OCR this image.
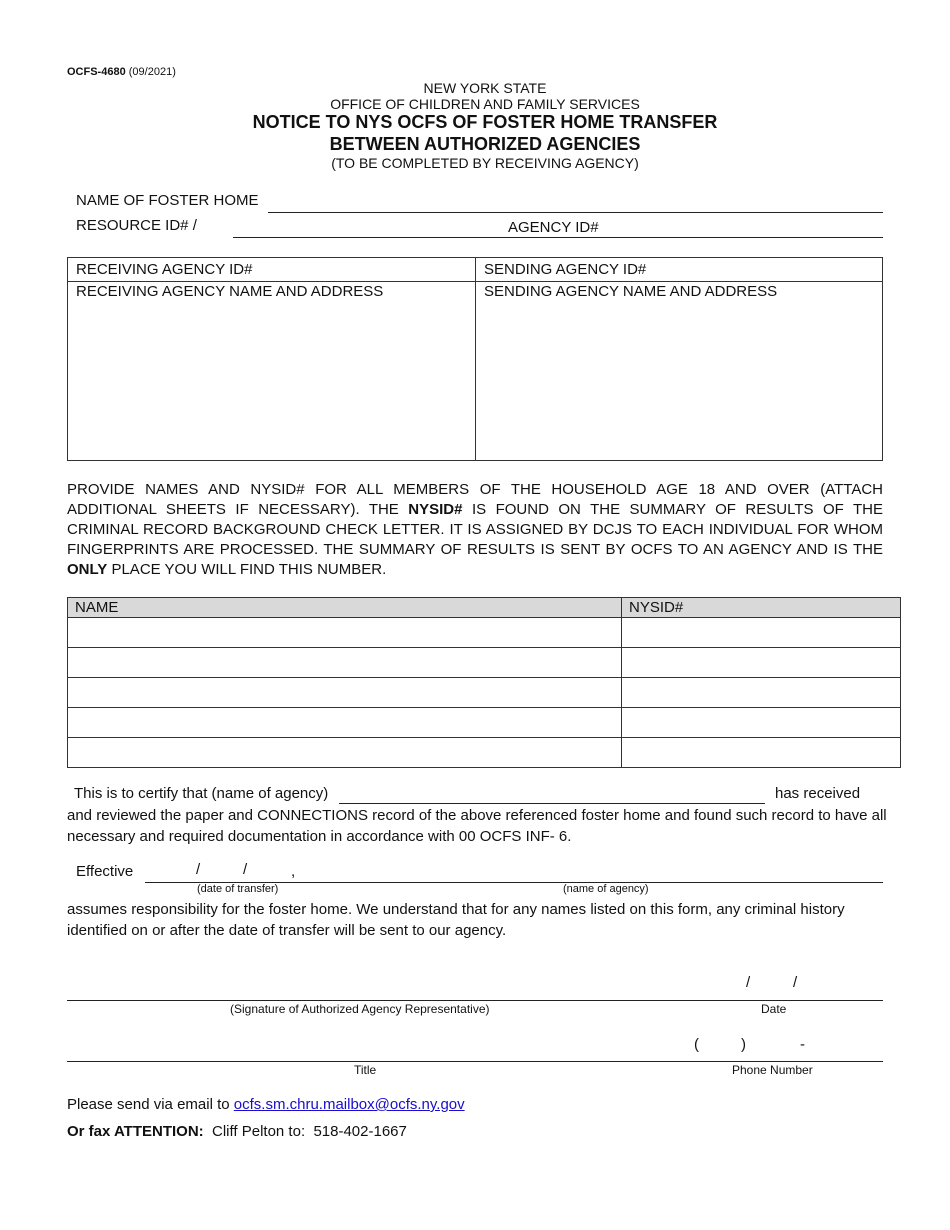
OCFS-4680 (09/2021)
NEW YORK STATE
OFFICE OF CHILDREN AND FAMILY SERVICES
NOTICE TO NYS OCFS OF FOSTER HOME TRANSFER
BETWEEN AUTHORIZED AGENCIES
(TO BE COMPLETED BY RECEIVING AGENCY)
NAME OF FOSTER HOME
RESOURCE ID# /	AGENCY ID#
RECEIVING AGENCY ID#	SENDING AGENCY ID#
RECEIVING AGENCY NAME AND ADDRESS	SENDING AGENCY NAME AND ADDRESS
PROVIDE NAMES AND NYSID# FOR ALL MEMBERS OF THE HOUSEHOLD AGE 18 AND OVER (ATTACH ADDITIONAL SHEETS IF NECESSARY). THE NYSID# IS FOUND ON THE SUMMARY OF RESULTS OF THE CRIMINAL RECORD BACKGROUND CHECK LETTER. IT IS ASSIGNED BY DCJS TO EACH INDIVIDUAL FOR WHOM FINGERPRINTS ARE PROCESSED. THE SUMMARY OF RESULTS IS SENT BY OCFS TO AN AGENCY AND IS THE ONLY PLACE YOU WILL FIND THIS NUMBER.
NAME	NYSID#

This is to certify that (name of agency)	has received
and reviewed the paper and CONNECTIONS record of the above referenced foster home and found such record to have all necessary and required documentation in accordance with 00 OCFS INF- 6.
Effective	/	/	,
(date of transfer)	(name of agency)
assumes responsibility for the foster home. We understand that for any names listed on this form, any criminal history identified on or after the date of transfer will be sent to our agency.
/	/
(Signature of Authorized Agency Representative)	Date
(	)	-
Title	Phone Number
Please send via email to ocfs.sm.chru.mailbox@ocfs.ny.gov
Or fax ATTENTION:  Cliff Pelton to:  518-402-1667
